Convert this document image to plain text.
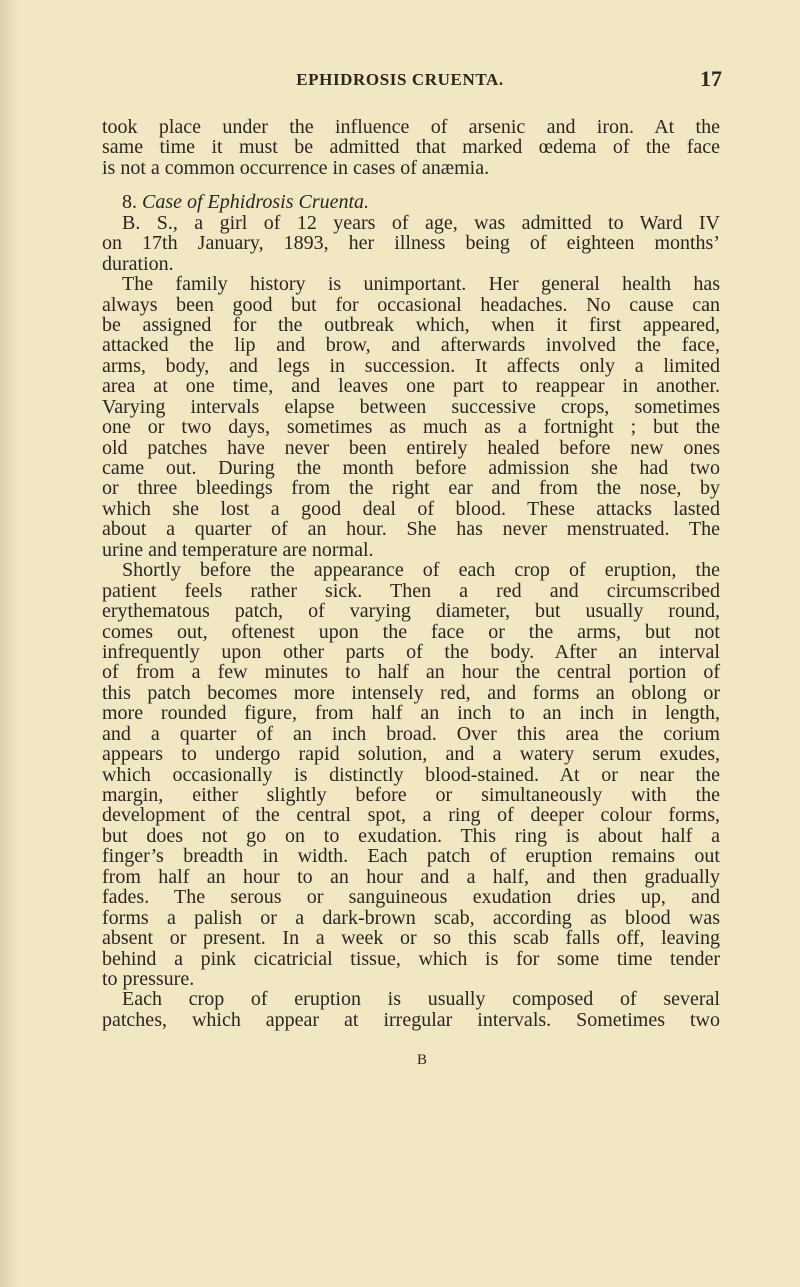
EPHIDROSIS CRUENTA.	17
took place under the influence of arsenic and iron. At the
same time it must be admitted that marked œdema of the face
is not a common occurrence in cases of anæmia.
8. Case of Ephidrosis Cruenta.
B. S., a girl of 12 years of age, was admitted to Ward IV
on 17th January, 1893, her illness being of eighteen months’
duration.
The family history is unimportant. Her general health has
always been good but for occasional headaches. No cause can
be assigned for the outbreak which, when it first appeared,
attacked the lip and brow, and afterwards involved the face,
arms, body, and legs in succession. It affects only a limited
area at one time, and leaves one part to reappear in another.
Varying intervals elapse between successive crops, sometimes
one or two days, sometimes as much as a fortnight ; but the
old patches have never been entirely healed before new ones
came out. During the month before admission she had two
or three bleedings from the right ear and from the nose, by
which she lost a good deal of blood. These attacks lasted
about a quarter of an hour. She has never menstruated. The
urine and temperature are normal.
Shortly before the appearance of each crop of eruption, the
patient feels rather sick. Then a red and circumscribed
erythematous patch, of varying diameter, but usually round,
comes out, oftenest upon the face or the arms, but not
infrequently upon other parts of the body. After an interval
of from a few minutes to half an hour the central portion of
this patch becomes more intensely red, and forms an oblong or
more rounded figure, from half an inch to an inch in length,
and a quarter of an inch broad. Over this area the corium
appears to undergo rapid solution, and a watery serum exudes,
which occasionally is distinctly blood-stained. At or near the
margin, either slightly before or simultaneously with the
development of the central spot, a ring of deeper colour forms,
but does not go on to exudation. This ring is about half a
finger’s breadth in width. Each patch of eruption remains out
from half an hour to an hour and a half, and then gradually
fades. The serous or sanguineous exudation dries up, and
forms a palish or a dark-brown scab, according as blood was
absent or present. In a week or so this scab falls off, leaving
behind a pink cicatricial tissue, which is for some time tender
to pressure.
Each crop of eruption is usually composed of several
patches, which appear at irregular intervals. Sometimes two
B
